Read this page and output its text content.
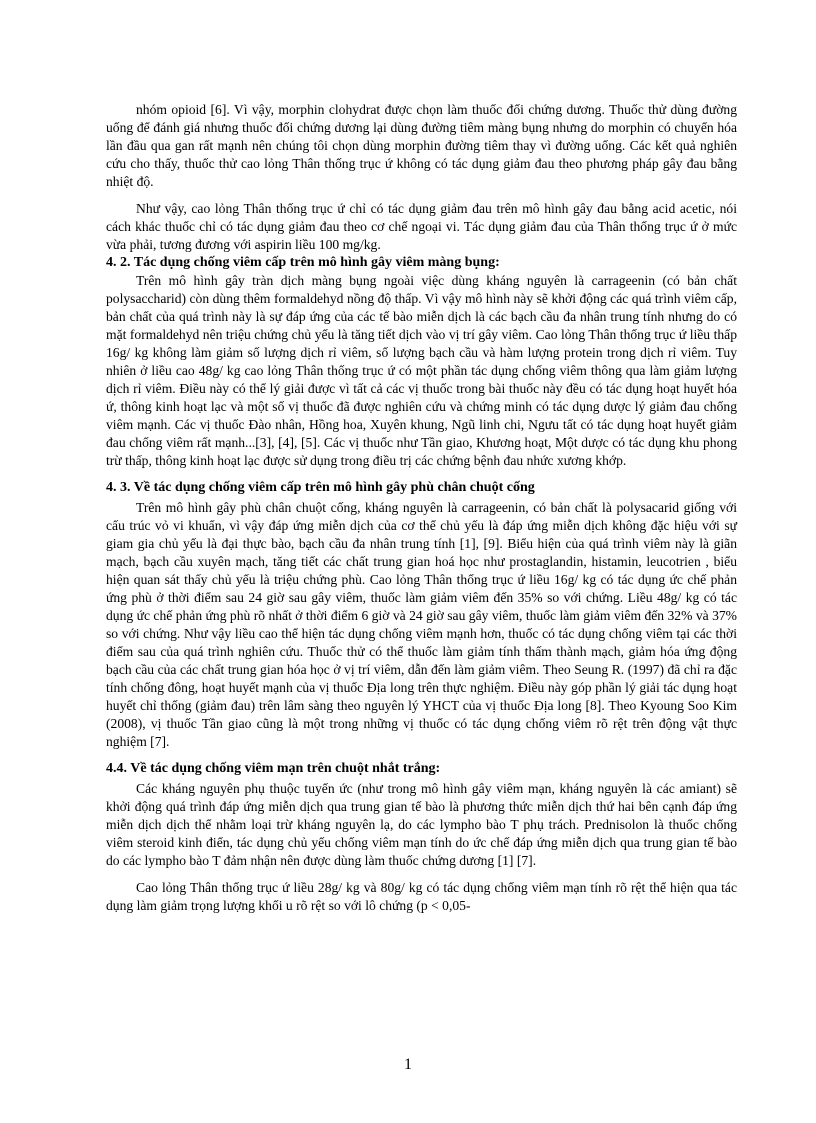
nhóm opioid [6]. Vì vậy, morphin clohydrat được chọn làm thuốc đối chứng dương. Thuốc thử dùng đường uống để đánh giá nhưng thuốc đối chứng dương lại dùng đường tiêm màng bụng nhưng do morphin có chuyển hóa lần đầu qua gan rất mạnh nên chúng tôi chọn dùng morphin đường tiêm thay vì đường uống. Các kết quả nghiên cứu cho thấy, thuốc thử cao lỏng Thân thống trục ứ không có tác dụng giảm đau theo phương pháp gây đau bằng nhiệt độ.

Như vậy, cao lỏng Thân thống trục ứ chỉ có tác dụng giảm đau trên mô hình gây đau bằng acid acetic, nói cách khác thuốc chỉ có tác dụng giảm đau theo cơ chế ngoại vi. Tác dụng giảm đau của Thân thống trục ứ ở mức vừa phải, tương đương với aspirin liều 100 mg/kg.

4. 2. Tác dụng chống viêm cấp trên mô hình gây viêm màng bụng:

Trên mô hình gây tràn dịch màng bụng ngoài việc dùng kháng nguyên là carrageenin (có bản chất polysaccharid) còn dùng thêm formaldehyd nồng độ thấp. Vì vậy mô hình này sẽ khởi động các quá trình viêm cấp, bản chất của quá trình này là sự đáp ứng của các tế bào miễn dịch là các bạch cầu đa nhân trung tính nhưng do có mặt formaldehyd nên triệu chứng chủ yếu là tăng tiết dịch vào vị trí gây viêm. Cao lỏng Thân thống trục ứ liều thấp 16g/ kg không làm giảm số lượng dịch rỉ viêm, số lượng bạch cầu và hàm lượng protein trong dịch rỉ viêm. Tuy nhiên ở liều cao 48g/ kg cao lỏng Thân thống trục ứ có một phần tác dụng chống viêm thông qua làm giảm lượng dịch rỉ viêm. Điều này có thể lý giải được vì tất cả các vị thuốc trong bài thuốc này đều có tác dụng hoạt huyết hóa ứ, thông kinh hoạt lạc và một số vị thuốc đã được nghiên cứu và chứng minh có tác dụng dược lý giảm đau chống viêm mạnh. Các vị thuốc Đào nhân, Hồng hoa, Xuyên khung, Ngũ linh chi, Ngưu tất có tác dụng hoạt huyết giảm đau chống viêm rất mạnh...[3], [4], [5]. Các vị thuốc như Tần giao, Khương hoạt, Một dược có tác dụng khu phong trừ thấp, thông kinh hoạt lạc được sử dụng trong điều trị các chứng bệnh đau nhức xương khớp.

4. 3. Về tác dụng chống viêm cấp trên mô hình gây phù chân chuột cống

Trên mô hình gây phù chân chuột cống, kháng nguyên là carrageenin, có bản chất là polysacarid giống với cấu trúc vỏ vi khuẩn, vì vậy đáp ứng miễn dịch của cơ thể chủ yếu là đáp ứng miễn dịch không đặc hiệu với sự giam gia chủ yếu là đại thực bào, bạch cầu đa nhân trung tính [1], [9]. Biểu hiện của quá trình viêm này là giãn mạch, bạch cầu xuyên mạch, tăng tiết các chất trung gian hoá học như prostaglandin, histamin, leucotrien , biểu hiện quan sát thấy chủ yếu là triệu chứng phù. Cao lỏng Thân thống trục ứ liều 16g/ kg có tác dụng ức chế phản ứng phù ở thời điểm sau 24 giờ sau gây viêm, thuốc làm giảm viêm đến 35% so với chứng. Liều 48g/ kg có tác dụng ức chế phản ứng phù rõ nhất ở thời điểm 6 giờ và 24 giờ sau gây viêm, thuốc làm giảm viêm đến 32% và 37% so với chứng. Như vậy liều cao thể hiện tác dụng chống viêm mạnh hơn, thuốc có tác dụng chống viêm tại các thời điểm sau của quá trình nghiên cứu. Thuốc thử có thể thuốc làm giảm tính thấm thành mạch, giảm hóa ứng động bạch cầu của các chất trung gian hóa học ở vị trí viêm, dẫn đến làm giảm viêm. Theo Seung R. (1997) đã chỉ ra đặc tính chống đông, hoạt huyết mạnh của vị thuốc Địa long trên thực nghiệm. Điều này góp phần lý giải tác dụng hoạt huyết chỉ thống (giảm đau) trên lâm sàng theo nguyên lý YHCT của vị thuốc Địa long [8]. Theo Kyoung Soo Kim (2008), vị thuốc Tần giao cũng là một trong những vị thuốc có tác dụng chống viêm rõ rệt trên động vật thực nghiệm [7].

4.4. Về tác dụng chống viêm mạn trên chuột nhắt trắng:

Các kháng nguyên phụ thuộc tuyến ức (như trong mô hình gây viêm mạn, kháng nguyên là các amiant) sẽ khởi động quá trình đáp ứng miễn dịch qua trung gian tế bào là phương thức miễn dịch thứ hai bên cạnh đáp ứng miễn dịch dịch thể nhằm loại trừ kháng nguyên lạ, do các lympho bào T phụ trách. Prednisolon là thuốc chống viêm steroid kinh điển, tác dụng chủ yếu chống viêm mạn tính do ức chế đáp ứng miễn dịch qua trung gian tế bào do các lympho bào T đảm nhận nên được dùng làm thuốc chứng dương [1] [7].

Cao lỏng Thân thống trục ứ liều 28g/ kg và 80g/ kg có tác dụng chống viêm mạn tính rõ rệt thể hiện qua tác dụng làm giảm trọng lượng khối u rõ rệt so với lô chứng (p < 0,05-

1
